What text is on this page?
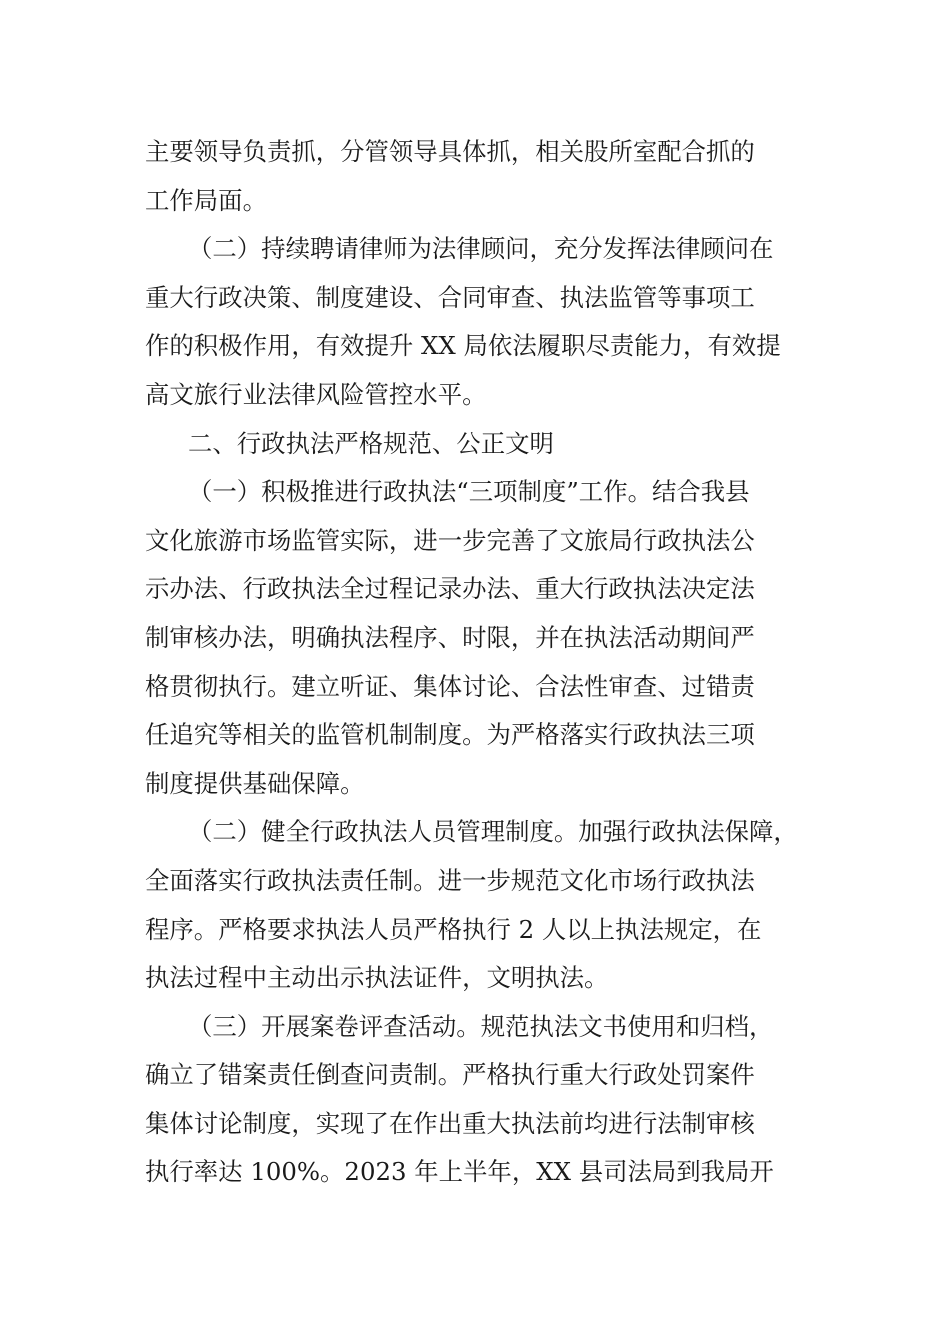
主要领导负责抓，分管领导具体抓，相关股所室配合抓的

工作局面。

（二）持续聘请律师为法律顾问，充分发挥法律顾问在

重大行政决策、制度建设、合同审查、执法监管等事项工

作的积极作用，有效提升 XX 局依法履职尽责能力，有效提

高文旅行业法律风险管控水平。

二、行政执法严格规范、公正文明

（一）积极推进行政执法“三项制度”工作。结合我县

文化旅游市场监管实际，进一步完善了文旅局行政执法公

示办法、行政执法全过程记录办法、重大行政执法决定法

制审核办法，明确执法程序、时限，并在执法活动期间严

格贯彻执行。建立听证、集体讨论、合法性审查、过错责

任追究等相关的监管机制制度。为严格落实行政执法三项

制度提供基础保障。

（二）健全行政执法人员管理制度。加强行政执法保障，

全面落实行政执法责任制。进一步规范文化市场行政执法

程序。严格要求执法人员严格执行 2 人以上执法规定，在

执法过程中主动出示执法证件，文明执法。

（三）开展案卷评查活动。规范执法文书使用和归档，

确立了错案责任倒查问责制。严格执行重大行政处罚案件

集体讨论制度，实现了在作出重大执法前均进行法制审核

执行率达 100%。2023 年上半年，XX 县司法局到我局开
